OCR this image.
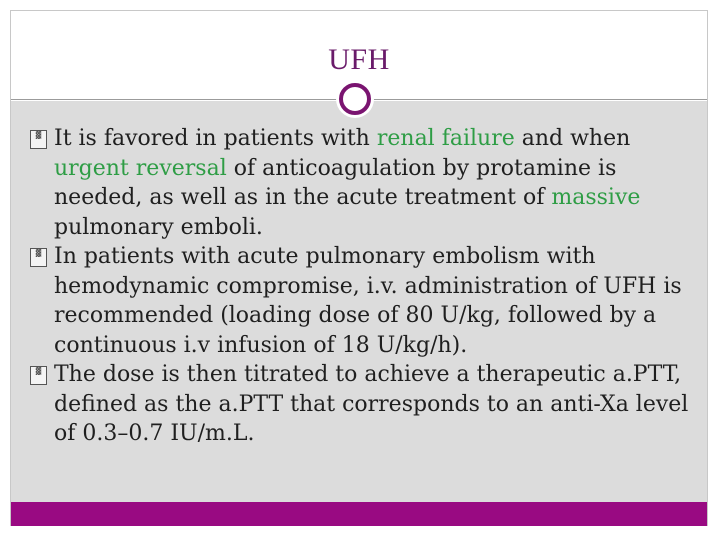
UFH
▓ It is favored in patients with renal failure and when urgent reversal of anticoagulation by protamine is needed, as well as in the acute treatment of massive pulmonary emboli.
▓ In patients with acute pulmonary embolism with hemodynamic compromise, i.v. administration of UFH is recommended (loading dose of 80 U/kg, followed by a continuous i.v infusion of 18 U/kg/h).
▓ The dose is then titrated to achieve a therapeutic a.PTT, defined as the a.PTT that corresponds to an anti-Xa level of 0.3–0.7 IU/m.L.
